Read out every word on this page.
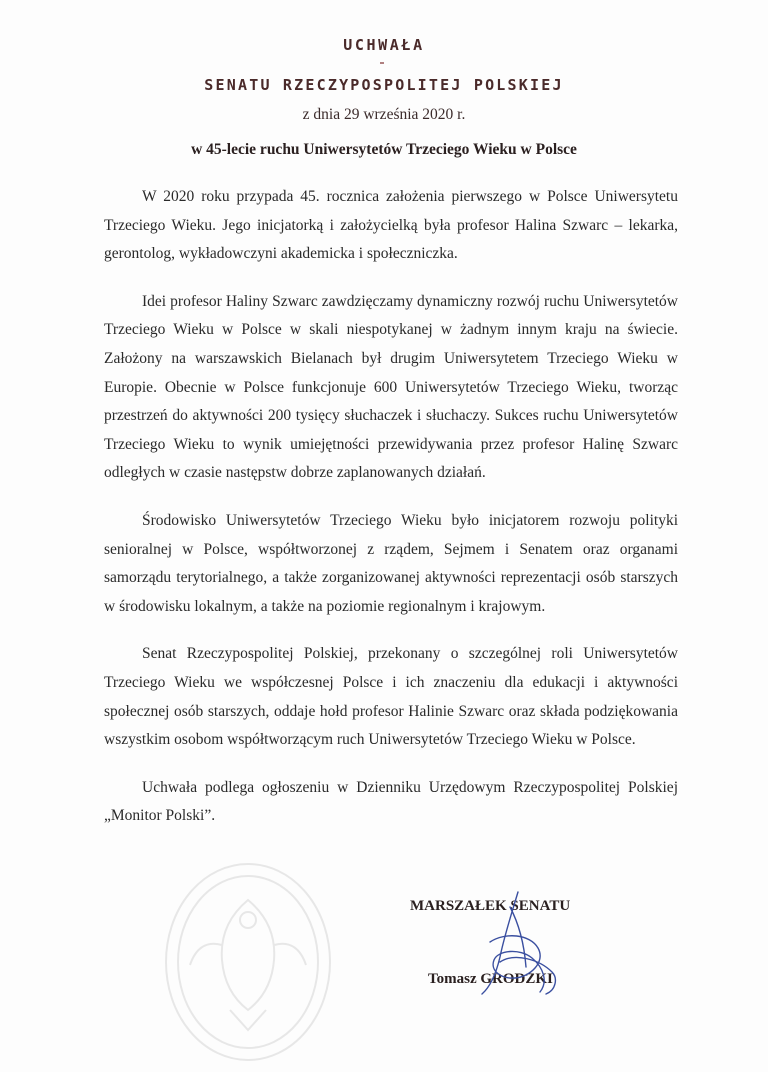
UCHWAŁA
SENATU RZECZYPOSPOLITEJ POLSKIEJ
z dnia 29 września 2020 r.
w 45-lecie ruchu Uniwersytetów Trzeciego Wieku w Polsce

W 2020 roku przypada 45. rocznica założenia pierwszego w Polsce Uniwersytetu Trzeciego Wieku. Jego inicjatorką i założycielką była profesor Halina Szwarc – lekarka, gerontolog, wykładowczyni akademicka i społeczniczka.

Idei profesor Haliny Szwarc zawdzięczamy dynamiczny rozwój ruchu Uniwersytetów Trzeciego Wieku w Polsce w skali niespotykanej w żadnym innym kraju na świecie. Założony na warszawskich Bielanach był drugim Uniwersytetem Trzeciego Wieku w Europie. Obecnie w Polsce funkcjonuje 600 Uniwersytetów Trzeciego Wieku, tworząc przestrzeń do aktywności 200 tysięcy słuchaczek i słuchaczy. Sukces ruchu Uniwersytetów Trzeciego Wieku to wynik umiejętności przewidywania przez profesor Halinę Szwarc odległych w czasie następstw dobrze zaplanowanych działań.

Środowisko Uniwersytetów Trzeciego Wieku było inicjatorem rozwoju polityki senioralnej w Polsce, współtworzonej z rządem, Sejmem i Senatem oraz organami samorządu terytorialnego, a także zorganizowanej aktywności reprezentacji osób starszych w środowisku lokalnym, a także na poziomie regionalnym i krajowym.

Senat Rzeczypospolitej Polskiej, przekonany o szczególnej roli Uniwersytetów Trzeciego Wieku we współczesnej Polsce i ich znaczeniu dla edukacji i aktywności społecznej osób starszych, oddaje hołd profesor Halinie Szwarc oraz składa podziękowania wszystkim osobom współtworzącym ruch Uniwersytetów Trzeciego Wieku w Polsce.

Uchwała podlega ogłoszeniu w Dzienniku Urzędowym Rzeczypospolitej Polskiej „Monitor Polski”.

MARSZAŁEK SENATU
Tomasz GRODZKI
